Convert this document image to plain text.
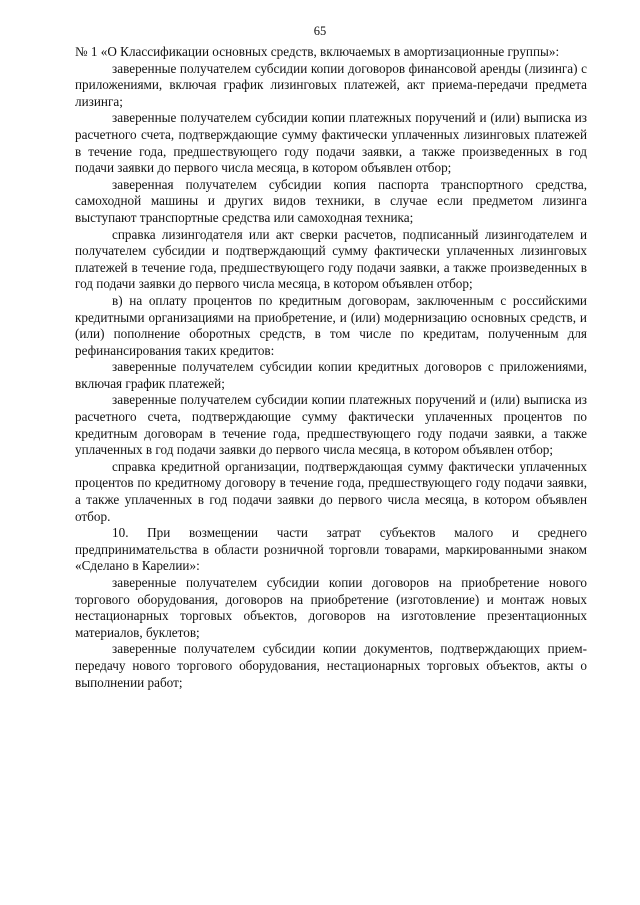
65

№ 1 «О Классификации основных средств, включаемых в амортизационные группы»:

заверенные получателем субсидии копии договоров финансовой аренды (лизинга) с приложениями, включая график лизинговых платежей, акт приема-передачи предмета лизинга;

заверенные получателем субсидии копии платежных поручений и (или) выписка из расчетного счета, подтверждающие сумму фактически уплаченных лизинговых платежей в течение года, предшествующего году подачи заявки, а также произведенных в год подачи заявки до первого числа месяца, в котором объявлен отбор;

заверенная получателем субсидии копия паспорта транспортного средства, самоходной машины и других видов техники, в случае если предметом лизинга выступают транспортные средства или самоходная техника;

справка лизингодателя или акт сверки расчетов, подписанный лизингодателем и получателем субсидии и подтверждающий сумму фактически уплаченных лизинговых платежей в течение года, предшествующего году подачи заявки, а также произведенных в год подачи заявки до первого числа месяца, в котором объявлен отбор;

в) на оплату процентов по кредитным договорам, заключенным с российскими кредитными организациями на приобретение, и (или) модернизацию основных средств, и (или) пополнение оборотных средств, в том числе по кредитам, полученным для рефинансирования таких кредитов:

заверенные получателем субсидии копии кредитных договоров с приложениями, включая график платежей;

заверенные получателем субсидии копии платежных поручений и (или) выписка из расчетного счета, подтверждающие сумму фактически уплаченных процентов по кредитным договорам в течение года, предшествующего году подачи заявки, а также уплаченных в год подачи заявки до первого числа месяца, в котором объявлен отбор;

справка кредитной организации, подтверждающая сумму фактически уплаченных процентов по кредитному договору в течение года, предшествующего году подачи заявки, а также уплаченных в год подачи заявки до первого числа месяца, в котором объявлен отбор.

10. При возмещении части затрат субъектов малого и среднего предпринимательства в области розничной торговли товарами, маркированными знаком «Сделано в Карелии»:

заверенные получателем субсидии копии договоров на приобретение нового торгового оборудования, договоров на приобретение (изготовление) и монтаж новых нестационарных торговых объектов, договоров на изготовление презентационных материалов, буклетов;

заверенные получателем субсидии копии документов, подтверждающих прием-передачу нового торгового оборудования, нестационарных торговых объектов, акты о выполнении работ;
